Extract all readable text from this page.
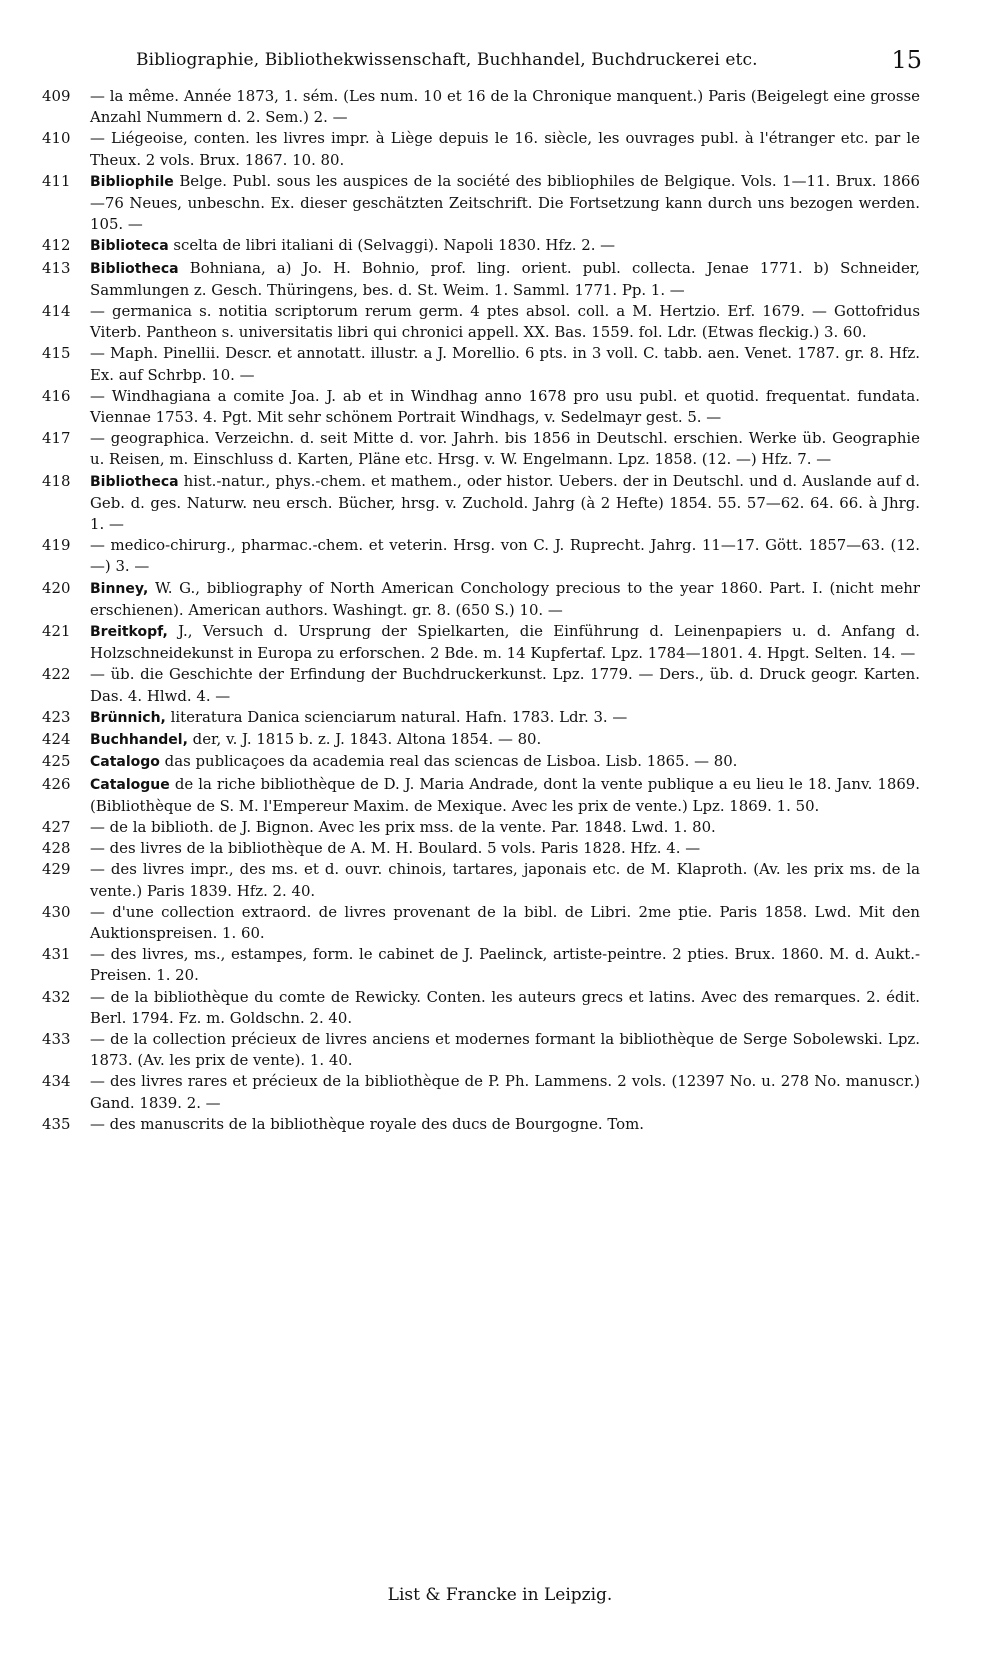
Bibliographie, Bibliothekwissenschaft, Buchhandel, Buchdruckerei etc.	15
409	— la même. Année 1873, 1. sém. (Les num. 10 et 16 de la Chronique manquent.) Paris (Beigelegt eine grosse Anzahl Nummern d. 2. Sem.) 2. —
410	— Liégeoise, conten. les livres impr. à Liège depuis le 16. siècle, les ouvrages publ. à l'étranger etc. par le Theux. 2 vols. Brux. 1867. 10. 80.
411	Bibliophile Belge. Publ. sous les auspices de la société des bibliophiles de Belgique. Vols. 1—11. Brux. 1866—76 Neues, unbeschn. Ex. dieser geschätzten Zeitschrift. Die Fortsetzung kann durch uns bezogen werden. 105. —
412	Biblioteca scelta de libri italiani di (Selvaggi). Napoli 1830. Hfz. 2. —
413	Bibliotheca Bohniana, a) Jo. H. Bohnio, prof. ling. orient. publ. collecta. Jenae 1771. b) Schneider, Sammlungen z. Gesch. Thüringens, bes. d. St. Weim. 1. Samml. 1771. Pp. 1. —
414	— germanica s. notitia scriptorum rerum germ. 4 ptes absol. coll. a M. Hertzio. Erf. 1679. — Gottofridus Viterb. Pantheon s. universitatis libri qui chronici appell. XX. Bas. 1559. fol. Ldr. (Etwas fleckig.) 3. 60.
415	— Maph. Pinellii. Descr. et annotatt. illustr. a J. Morellio. 6 pts. in 3 voll. C. tabb. aen. Venet. 1787. gr. 8. Hfz. Ex. auf Schrbp. 10. —
416	— Windhagiana a comite Joa. J. ab et in Windhag anno 1678 pro usu publ. et quotid. frequentat. fundata. Viennae 1753. 4. Pgt. Mit sehr schönem Portrait Windhags, v. Sedelmayr gest. 5. —
417	— geographica. Verzeichn. d. seit Mitte d. vor. Jahrh. bis 1856 in Deutschl. erschien. Werke üb. Geographie u. Reisen, m. Einschluss d. Karten, Pläne etc. Hrsg. v. W. Engelmann. Lpz. 1858. (12. —) Hfz. 7. —
418	Bibliotheca hist.-natur., phys.-chem. et mathem., oder histor. Uebers. der in Deutschl. und d. Auslande auf d. Geb. d. ges. Naturw. neu ersch. Bücher, hrsg. v. Zuchold. Jahrg (à 2 Hefte) 1854. 55. 57—62. 64. 66. à Jhrg. 1. —
419	— medico-chirurg., pharmac.-chem. et veterin. Hrsg. von C. J. Ruprecht. Jahrg. 11—17. Gött. 1857—63. (12. —) 3. —
420	Binney, W. G., bibliography of North American Conchology precious to the year 1860. Part. I. (nicht mehr erschienen). American authors. Washingt. gr. 8. (650 S.) 10. —
421	Breitkopf, J., Versuch d. Ursprung der Spielkarten, die Einführung d. Leinenpapiers u. d. Anfang d. Holzschneidekunst in Europa zu erforschen. 2 Bde. m. 14 Kupfertaf. Lpz. 1784—1801. 4. Hpgt. Selten. 14. —
422	— üb. die Geschichte der Erfindung der Buchdruckerkunst. Lpz. 1779. — Ders., üb. d. Druck geogr. Karten. Das. 4. Hlwd. 4. —
423	Brünnich, literatura Danica scienciarum natural. Hafn. 1783. Ldr. 3. —
424	Buchhandel, der, v. J. 1815 b. z. J. 1843. Altona 1854. — 80.
425	Catalogo das publicaçoes da academia real das sciencas de Lisboa. Lisb. 1865. — 80.
426	Catalogue de la riche bibliothèque de D. J. Maria Andrade, dont la vente publique a eu lieu le 18. Janv. 1869. (Bibliothèque de S. M. l'Empereur Maxim. de Mexique. Avec les prix de vente.) Lpz. 1869. 1. 50.
427	— de la biblioth. de J. Bignon. Avec les prix mss. de la vente. Par. 1848. Lwd. 1. 80.
428	— des livres de la bibliothèque de A. M. H. Boulard. 5 vols. Paris 1828. Hfz. 4. —
429	— des livres impr., des ms. et d. ouvr. chinois, tartares, japonais etc. de M. Klaproth. (Av. les prix ms. de la vente.) Paris 1839. Hfz. 2. 40.
430	— d'une collection extraord. de livres provenant de la bibl. de Libri. 2me ptie. Paris 1858. Lwd. Mit den Auktionspreisen. 1. 60.
431	— des livres, ms., estampes, form. le cabinet de J. Paelinck, artiste-peintre. 2 pties. Brux. 1860. M. d. Aukt.-Preisen. 1. 20.
432	— de la bibliothèque du comte de Rewicky. Conten. les auteurs grecs et latins. Avec des remarques. 2. édit. Berl. 1794. Fz. m. Goldschn. 2. 40.
433	— de la collection précieux de livres anciens et modernes formant la bibliothèque de Serge Sobolewski. Lpz. 1873. (Av. les prix de vente). 1. 40.
434	— des livres rares et précieux de la bibliothèque de P. Ph. Lammens. 2 vols. (12397 No. u. 278 No. manuscr.) Gand. 1839. 2. —
435	— des manuscrits de la bibliothèque royale des ducs de Bourgogne. Tom.
List & Francke in Leipzig.
